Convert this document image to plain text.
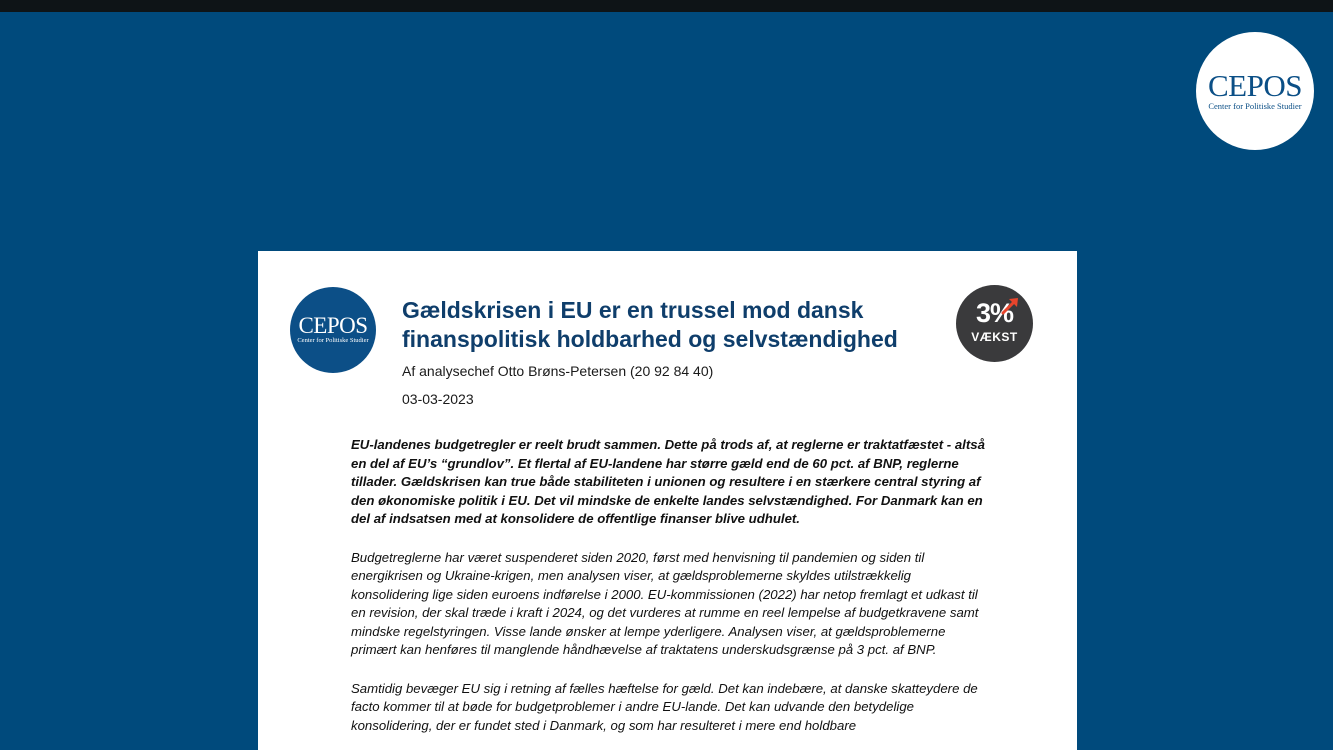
CEPOS
Center for Politiske Studier
CEPOS
Center for Politiske Studier
3%
VÆKST
Gældskrisen i EU er en trussel mod dansk finanspolitisk holdbarhed og selvstændighed
Af analysechef Otto Brøns-Petersen (20 92 84 40)
03-03-2023

EU-landenes budgetregler er reelt brudt sammen. Dette på trods af, at reglerne er traktatfæstet - altså en del af EU’s “grundlov”. Et flertal af EU-landene har større gæld end de 60 pct. af BNP, reglerne tillader. Gældskrisen kan true både stabiliteten i unionen og resultere i en stærkere central styring af den økonomiske politik i EU. Det vil mindske de enkelte landes selvstændighed. For Danmark kan en del af indsatsen med at konsolidere de offentlige finanser blive udhulet.

Budgetreglerne har været suspenderet siden 2020, først med henvisning til pandemien og siden til energikrisen og Ukraine-krigen, men analysen viser, at gældsproblemerne skyldes utilstrækkelig konsolidering lige siden euroens indførelse i 2000. EU-kommissionen (2022) har netop fremlagt et udkast til en revision, der skal træde i kraft i 2024, og det vurderes at rumme en reel lempelse af budgetkravene samt mindske regelstyringen. Visse lande ønsker at lempe yderligere. Analysen viser, at gældsproblemerne primært kan henføres til manglende håndhævelse af traktatens underskudsgrænse på 3 pct. af BNP.

Samtidig bevæger EU sig i retning af fælles hæftelse for gæld. Det kan indebære, at danske skatteydere de facto kommer til at bøde for budgetproblemer i andre EU-lande. Det kan udvande den betydelige konsolidering, der er fundet sted i Danmark, og som har resulteret i mere end holdbare
